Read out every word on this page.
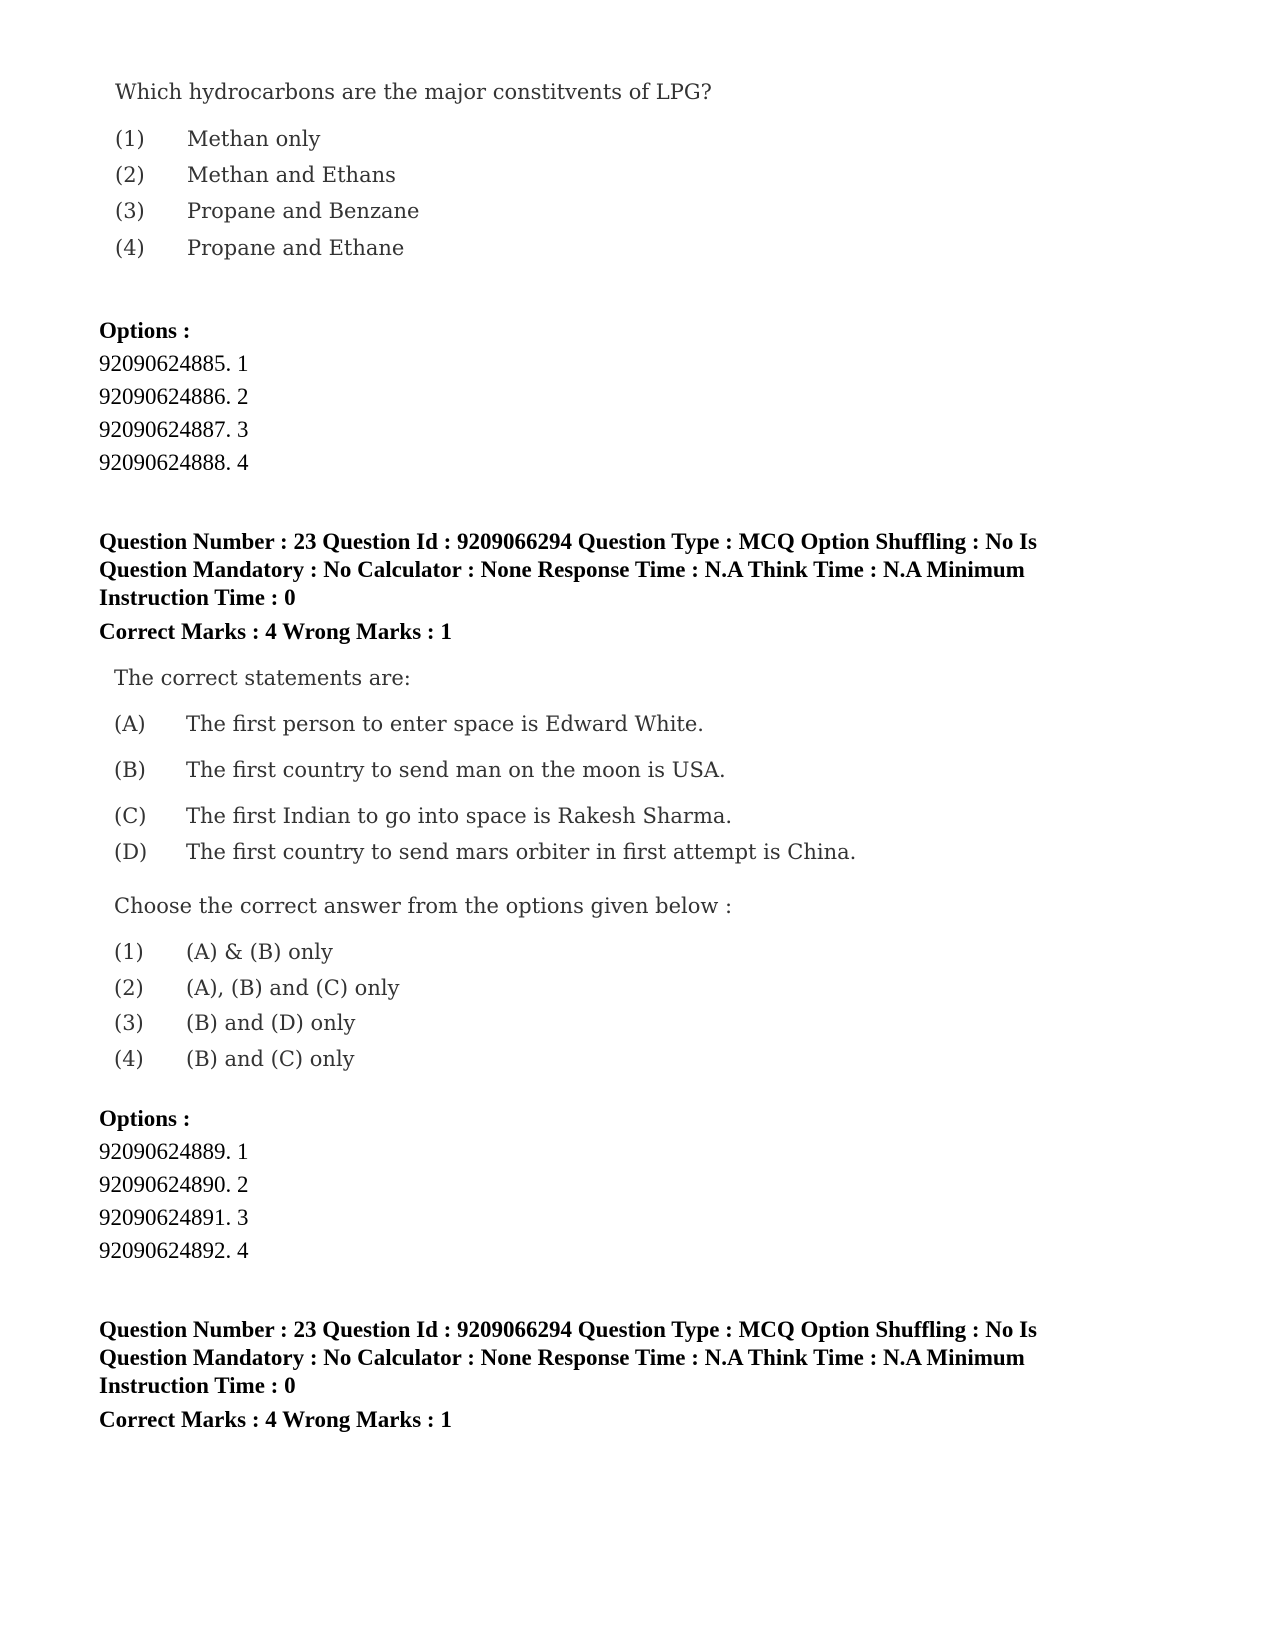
Which hydrocarbons are the major constitvents of LPG?
(1) Methan only
(2) Methan and Ethans
(3) Propane and Benzane
(4) Propane and Ethane
Options :
92090624885. 1
92090624886. 2
92090624887. 3
92090624888. 4
Question Number : 23 Question Id : 9209066294 Question Type : MCQ Option Shuffling : No Is
Question Mandatory : No Calculator : None Response Time : N.A Think Time : N.A Minimum
Instruction Time : 0
Correct Marks : 4 Wrong Marks : 1
The correct statements are:
(A) The first person to enter space is Edward White.
(B) The first country to send man on the moon is USA.
(C) The first Indian to go into space is Rakesh Sharma.
(D) The first country to send mars orbiter in first attempt is China.
Choose the correct answer from the options given below :
(1) (A) & (B) only
(2) (A), (B) and (C) only
(3) (B) and (D) only
(4) (B) and (C) only
Options :
92090624889. 1
92090624890. 2
92090624891. 3
92090624892. 4
Question Number : 23 Question Id : 9209066294 Question Type : MCQ Option Shuffling : No Is
Question Mandatory : No Calculator : None Response Time : N.A Think Time : N.A Minimum
Instruction Time : 0
Correct Marks : 4 Wrong Marks : 1
